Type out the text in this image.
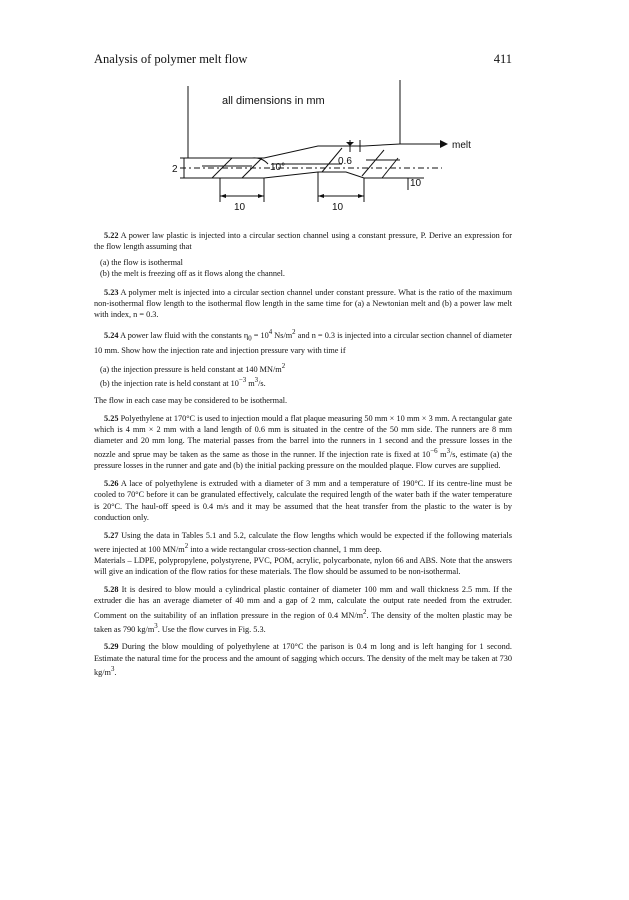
Analysis of polymer melt flow	411
all dimensions in mm
melt
2	10°
0.6
10	10
10

5.22 A power law plastic is injected into a circular section channel using a constant pressure, P. Derive an expression for the flow length assuming that

(a) the flow is isothermal

(b) the melt is freezing off as it flows along the channel.

5.23 A polymer melt is injected into a circular section channel under constant pressure. What is the ratio of the maximum non-isothermal flow length to the isothermal flow length in the same time for (a) a Newtonian melt and (b) a power law melt with index, n = 0.3.

5.24 A power law fluid with the constants $\eta_0 = 10^4$ $Ns/m^2$ and n = 0.3 is injected into a circular section channel of diameter 10 mm. Show how the injection rate and injection pressure vary with time if

(a) the injection pressure is held constant at 140 $MN/m^2$

(b) the injection rate is held constant at $10^{-3}$ $m^3/s$.

The flow in each case may be considered to be isothermal.

5.25 Polyethylene at 170°C is used to injection mould a flat plaque measuring 50 mm × 10 mm × 3 mm. A rectangular gate which is 4 mm × 2 mm with a land length of 0.6 mm is situated in the centre of the 50 mm side. The runners are 8 mm diameter and 20 mm long. The material passes from the barrel into the runners in 1 second and the pressure losses in the nozzle and sprue may be taken as the same as those in the runner. If the injection rate is fixed at $10^{-6}$ $m^3/s$, estimate (a) the pressure losses in the runner and gate and (b) the initial packing pressure on the moulded plaque. Flow curves are supplied.

5.26 A lace of polyethylene is extruded with a diameter of 3 mm and a temperature of 190°C. If its centre-line must be cooled to 70°C before it can be granulated effectively, calculate the required length of the water bath if the water temperature is 20°C. The haul-off speed is 0.4 m/s and it may be assumed that the heat transfer from the plastic to the water is by conduction only.

5.27 Using the data in Tables 5.1 and 5.2, calculate the flow lengths which would be expected if the following materials were injected at 100 $MN/m^2$ into a wide rectangular cross-section channel, 1 mm deep.

Materials – LDPE, polypropylene, polystyrene, PVC, POM, acrylic, polycarbonate, nylon 66 and ABS. Note that the answers will give an indication of the flow ratios for these materials. The flow should be assumed to be non-isothermal.

5.28 It is desired to blow mould a cylindrical plastic container of diameter 100 mm and wall thickness 2.5 mm. If the extruder die has an average diameter of 40 mm and a gap of 2 mm, calculate the output rate needed from the extruder. Comment on the suitability of an inflation pressure in the region of 0.4 $MN/m^2$. The density of the molten plastic may be taken as 790 $kg/m^3$. Use the flow curves in Fig. 5.3.

5.29 During the blow moulding of polyethylene at 170°C the parison is 0.4 m long and is left hanging for 1 second. Estimate the natural time for the process and the amount of sagging which occurs. The density of the melt may be taken at 730 $kg/m^3$.
